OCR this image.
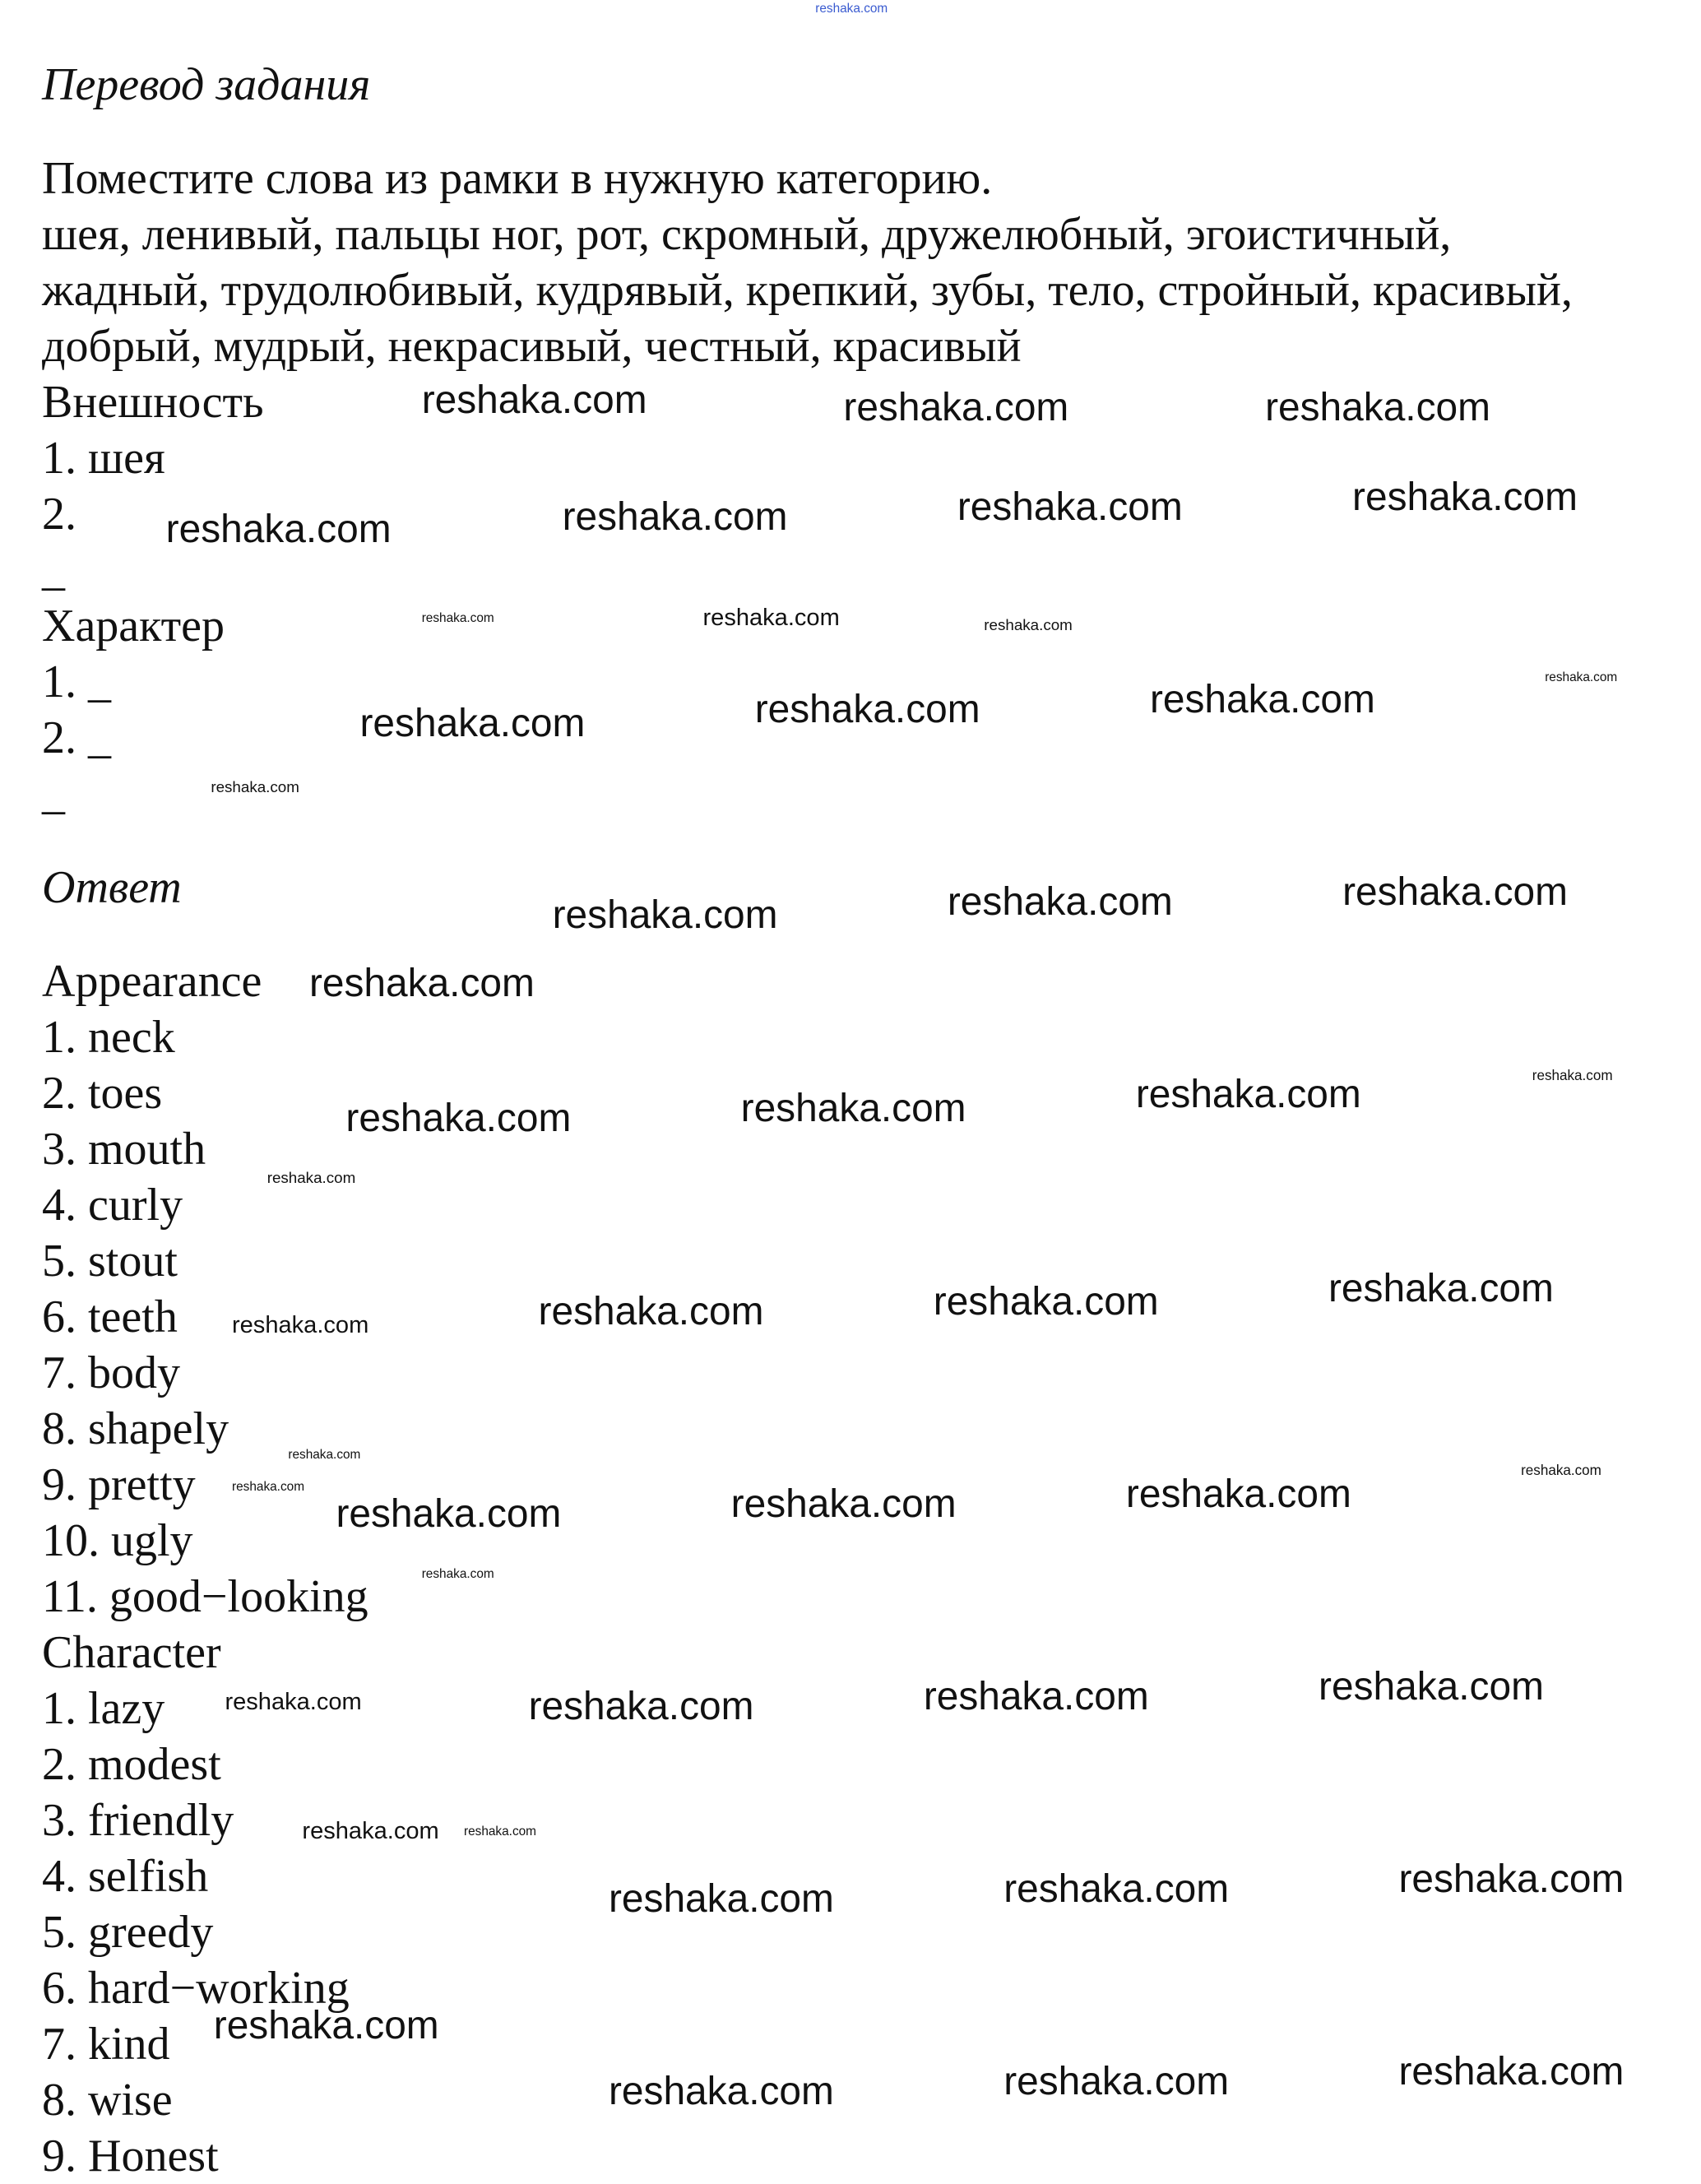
Перевод задания
Поместите слова из рамки в нужную категорию.
шея, ленивый, пальцы ног, рот, скромный, дружелюбный, эгоистичный,
жадный, трудолюбивый, кудрявый, крепкий, зубы, тело, стройный, красивый,
добрый, мудрый, некрасивый, честный, красивый
Внешность
1. шея
2.
_
Характер
1. _
2. _
_
Ответ
Appearance
1. neck
2. toes
3. mouth
4. curly
5. stout
6. teeth
7. body
8. shapely
9. pretty
10. ugly
11. good−looking
Character
1. lazy
2. modest
3. friendly
4. selfish
5. greedy
6. hard−working
7. kind
8. wise
9. Honest
reshaka.com
reshaka.com	reshaka.com	reshaka.com
reshaka.com	reshaka.com	reshaka.com	reshaka.com
reshaka.com	reshaka.com	reshaka.com
reshaka.com
reshaka.com	reshaka.com	reshaka.com
reshaka.com	reshaka.com	reshaka.com
reshaka.com	reshaka.com	reshaka.com
reshaka.com	reshaka.com	reshaka.com
reshaka.com	reshaka.com	reshaka.com
reshaka.com	reshaka.com	reshaka.com
reshaka.com
reshaka.com	reshaka.com	reshaka.com
reshaka.com
reshaka.com
reshaka.com
reshaka.com
reshaka.com	reshaka.com
reshaka.com
reshaka.com
reshaka.com
reshaka.com
reshaka.com
reshaka.com
reshaka.com
reshaka.com
reshaka.com
